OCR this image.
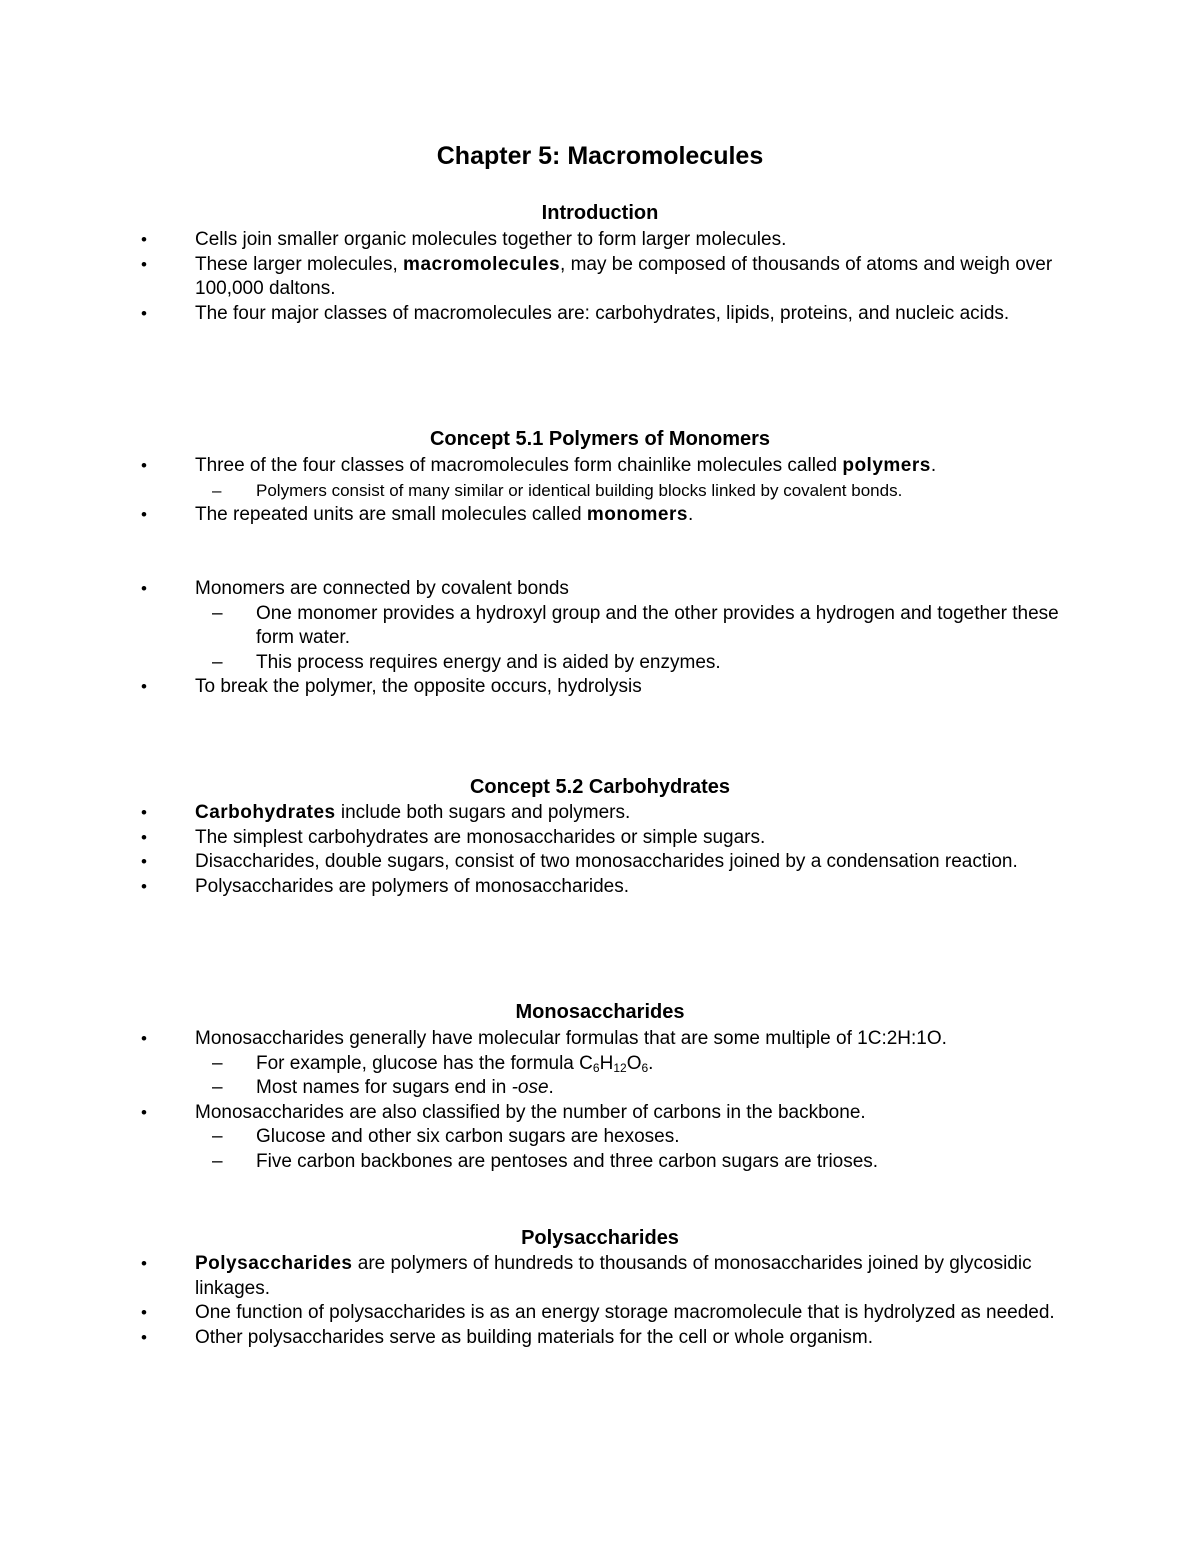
Chapter 5: Macromolecules
Introduction
•	Cells join smaller organic molecules together to form larger molecules.
•	These larger molecules, macromolecules, may be composed of thousands of atoms and weigh over 100,000 daltons.
•	The four major classes of macromolecules are: carbohydrates, lipids, proteins, and nucleic acids.
Concept 5.1 Polymers of Monomers
•	Three of the four classes of macromolecules form chainlike molecules called polymers.
– Polymers consist of many similar or identical building blocks linked by covalent bonds.
•	The repeated units are small molecules called monomers.
•	Monomers are connected by covalent bonds
– One monomer provides a hydroxyl group and the other provides a hydrogen and together these form water.
– This process requires energy and is aided by enzymes.
•	To break the polymer, the opposite occurs, hydrolysis
Concept 5.2 Carbohydrates
•	Carbohydrates include both sugars and polymers.
•	The simplest carbohydrates are monosaccharides or simple sugars.
•	Disaccharides, double sugars, consist of two monosaccharides joined by a condensation reaction.
•	Polysaccharides are polymers of monosaccharides.
Monosaccharides
•	Monosaccharides generally have molecular formulas that are some multiple of 1C:2H:1O.
– For example, glucose has the formula $C_6H_{12}O_6$.
– Most names for sugars end in -ose.
•	Monosaccharides are also classified by the number of carbons in the backbone.
– Glucose and other six carbon sugars are hexoses.
– Five carbon backbones are pentoses and three carbon sugars are trioses.
Polysaccharides
•	Polysaccharides are polymers of hundreds to thousands of monosaccharides joined by glycosidic linkages.
•	One function of polysaccharides is as an energy storage macromolecule that is hydrolyzed as needed.
•	Other polysaccharides serve as building materials for the cell or whole organism.
